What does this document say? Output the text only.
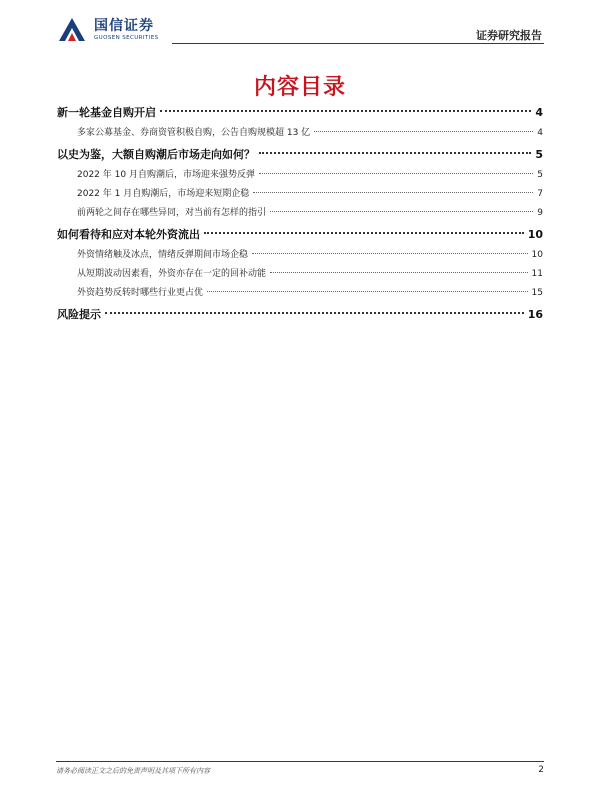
国信证券
GUOSEN SECURITIES	证券研究报告
内容目录
新一轮基金自购开启	4
多家公募基金、券商资管积极自购，公告自购规模超 13 亿	4
以史为鉴，大额自购潮后市场走向如何？	5
2022 年 10 月自购潮后，市场迎来强势反弹	5
2022 年 1 月自购潮后，市场迎来短期企稳	7
前两轮之间存在哪些异同，对当前有怎样的指引	9
如何看待和应对本轮外资流出	10
外资情绪触及冰点，情绪反弹期间市场企稳	10
从短期波动因素看，外资亦存在一定的回补动能	11
外资趋势反转时哪些行业更占优	15
风险提示	16
请务必阅读正文之后的免责声明及其项下所有内容	2
